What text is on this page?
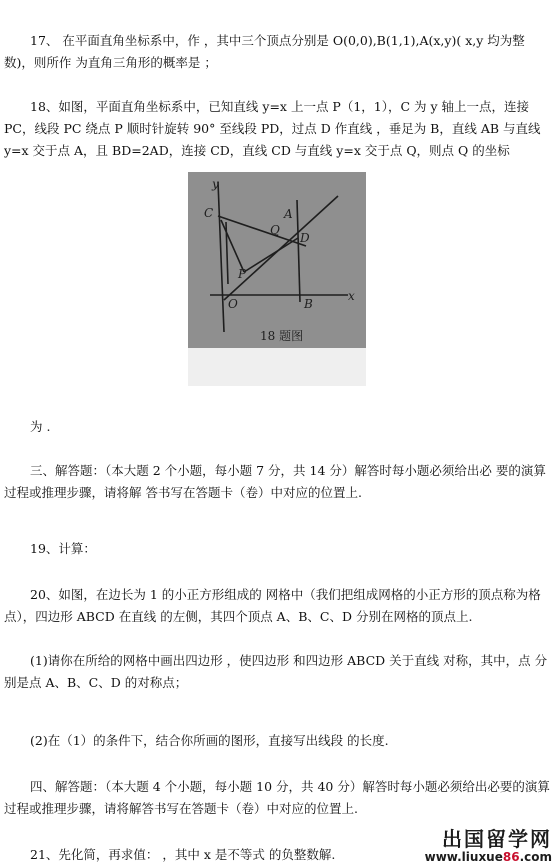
17、 在平面直角坐标系中，作 ，其中三个顶点分别是 O(0,0),B(1,1),A(x,y)( x,y 均为整数)，则所作 为直角三角形的概率是 ；

18、如图，平面直角坐标系中，已知直线 y=x 上一点 P（1，1），C 为 y 轴上一点，连接 PC，线段 PC 绕点 P 顺时针旋转 90° 至线段 PD，过点 D 作直线 ，垂足为 B，直线 AB 与直线 y=x 交于点 A，且 BD=2AD，连接 CD，直线 CD 与直线 y=x 交于点 Q，则点 Q 的坐标

y
C	A
Q
D
P
O	B
x
18 题图

为 .

三、解答题：（本大题 2 个小题，每小题 7 分，共 14 分）解答时每小题必须给出必 要的演算过程或推理步骤，请将解 答书写在答题卡（卷）中对应的位置上.

19、计算：

20、如图，在边长为 1 的小正方形组成的 网格中（我们把组成网格的小正方形的顶点称为格点），四边形 ABCD 在直线 的左侧，其四个顶点 A、B、C、D 分别在网格的顶点上.

(1)请你在所给的网格中画出四边形 ，使四边形 和四边形 ABCD 关于直线 对称，其中，点 分别是点 A、B、C、D 的对称点；

(2)在（1）的条件下，结合你所画的图形，直接写出线段 的长度.

四、解答题：（本大题 4 个小题，每小题 10 分，共 40 分）解答时每小题必须给出必要的演算过程或推理步骤，请将解答书写在答题卡（卷）中对应的位置上.

21、先化简，再求值： ，其中 x 是不等式 的负整数解.

出国留学网
www.liuxue86.com
